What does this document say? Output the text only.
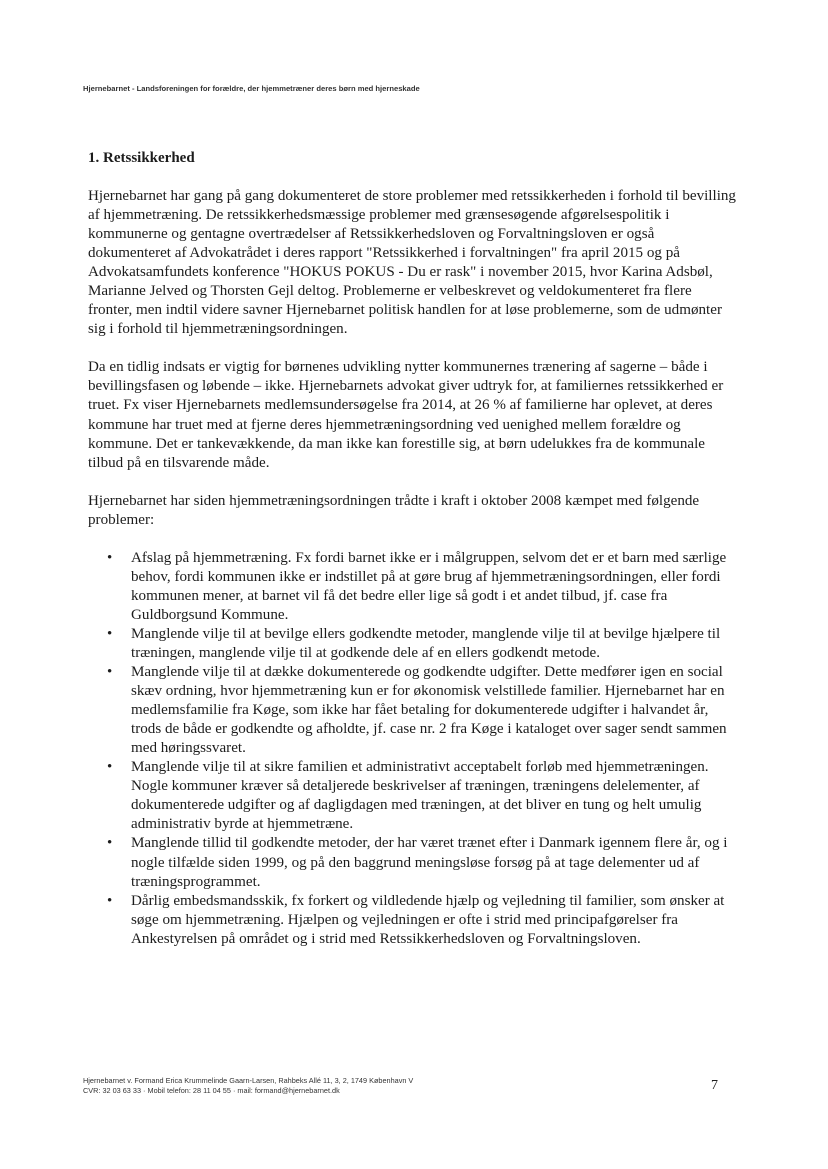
Hjernebarnet - Landsforeningen for forældre, der hjemmetræner deres børn med hjerneskade
1. Retssikkerhed

Hjernebarnet har gang på gang dokumenteret de store problemer med retssikkerheden i forhold til bevilling af hjemmetræning. De retssikkerhedsmæssige problemer med grænsesøgende afgørelsespolitik i kommunerne og gentagne overtrædelser af Retssikkerhedsloven og Forvaltningsloven er også dokumenteret af Advokatrådet i deres rapport "Retssikkerhed i forvaltningen" fra april 2015 og på Advokatsamfundets konference "HOKUS POKUS - Du er rask" i november 2015, hvor Karina Adsbøl, Marianne Jelved og Thorsten Gejl deltog. Problemerne er velbeskrevet og veldokumenteret fra flere fronter, men indtil videre savner Hjernebarnet politisk handlen for at løse problemerne, som de udmønter sig i forhold til hjemmetræningsordningen.

Da en tidlig indsats er vigtig for børnenes udvikling nytter kommunernes trænering af sagerne – både i bevillingsfasen og løbende – ikke. Hjernebarnets advokat giver udtryk for, at familiernes retssikkerhed er truet. Fx viser Hjernebarnets medlemsundersøgelse fra 2014, at 26 % af familierne har oplevet, at deres kommune har truet med at fjerne deres hjemmetræningsordning ved uenighed mellem forældre og kommune. Det er tankevækkende, da man ikke kan forestille sig, at børn udelukkes fra de kommunale tilbud på en tilsvarende måde.

Hjernebarnet har siden hjemmetræningsordningen trådte i kraft i oktober 2008 kæmpet med følgende problemer:

• Afslag på hjemmetræning. Fx fordi barnet ikke er i målgruppen, selvom det er et barn med særlige behov, fordi kommunen ikke er indstillet på at gøre brug af hjemmetræningsordningen, eller fordi kommunen mener, at barnet vil få det bedre eller lige så godt i et andet tilbud, jf. case fra Guldborgsund Kommune.
• Manglende vilje til at bevilge ellers godkendte metoder, manglende vilje til at bevilge hjælpere til træningen, manglende vilje til at godkende dele af en ellers godkendt metode.
• Manglende vilje til at dække dokumenterede og godkendte udgifter. Dette medfører igen en social skæv ordning, hvor hjemmetræning kun er for økonomisk velstillede familier. Hjernebarnet har en medlemsfamilie fra Køge, som ikke har fået betaling for dokumenterede udgifter i halvandet år, trods de både er godkendte og afholdte, jf. case nr. 2 fra Køge i kataloget over sager sendt sammen med høringssvaret.
• Manglende vilje til at sikre familien et administrativt acceptabelt forløb med hjemmetræningen. Nogle kommuner kræver så detaljerede beskrivelser af træningen, træningens delelementer, af dokumenterede udgifter og af dagligdagen med træningen, at det bliver en tung og helt umulig administrativ byrde at hjemmetræne.
• Manglende tillid til godkendte metoder, der har været trænet efter i Danmark igennem flere år, og i nogle tilfælde siden 1999, og på den baggrund meningsløse forsøg på at tage delementer ud af træningsprogrammet.
• Dårlig embedsmandsskik, fx forkert og vildledende hjælp og vejledning til familier, som ønsker at søge om hjemmetræning. Hjælpen og vejledningen er ofte i strid med principafgørelser fra Ankestyrelsen på området og i strid med Retssikkerhedsloven og Forvaltningsloven.
Hjernebarnet v. Formand Erica Krummelinde Gaarn-Larsen, Rahbeks Allé 11, 3, 2, 1749 København V
CVR: 32 03 63 33 · Mobil telefon: 28 11 04 55 · mail: formand@hjernebarnet.dk	7
